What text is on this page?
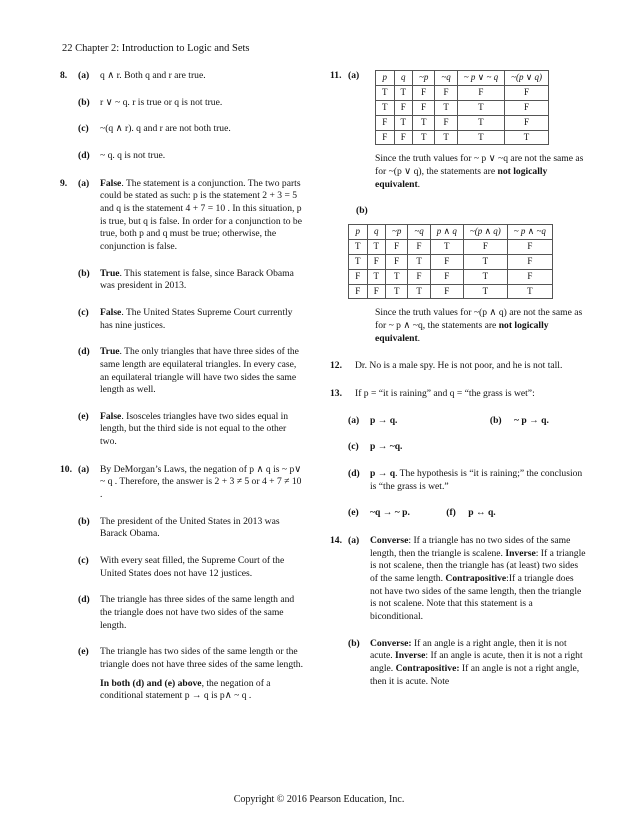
22 Chapter 2: Introduction to Logic and Sets
8. (a) q ∧ r. Both q and r are true.
(b) r ∨ ~ q. r is true or q is not true.
(c) ~(q ∧ r). q and r are not both true.
(d) ~ q. q is not true.
9. (a) False. The statement is a conjunction. The two parts could be stated as such: p is the statement 2 + 3 = 5 and q is the statement 4 + 7 = 10 . In this situation, p is true, but q is false. In order for a conjunction to be true, both p and q must be true; otherwise, the conjunction is false.
(b) True. This statement is false, since Barack Obama was president in 2013.
(c) False. The United States Supreme Court currently has nine justices.
(d) True. The only triangles that have three sides of the same length are equilateral triangles. In every case, an equilateral triangle will have two sides the same length as well.
(e) False. Isosceles triangles have two sides equal in length, but the third side is not equal to the other two.
10. (a) By DeMorgan’s Laws, the negation of p ∧ q is ~ p∨ ~ q . Therefore, the answer is 2 + 3 ≠ 5 or 4 + 7 ≠ 10 .
(b) The president of the United States in 2013 was Barack Obama.
(c) With every seat filled, the Supreme Court of the United States does not have 12 justices.
(d) The triangle has three sides of the same length and the triangle does not have two sides of the same length.
(e) The triangle has two sides of the same length or the triangle does not have three sides of the same length.
In both (d) and (e) above, the negation of a conditional statement p → q is p∧ ~ q .
11. (a)	p	q	~p	~q	~ p ∨ ~ q	~(p ∨ q)
T	T	F	F	F	F
T	F	F	T	T	F
F	T	T	F	T	F
F	F	T	T	T	T
Since the truth values for ~ p ∨ ~q are not the same as for ~(p ∨ q), the statements are not logically equivalent.
(b)
p	q	~p	~q	p ∧ q	~(p ∧ q)	~ p ∧ ~q
T	T	F	F	T	F	F
T	F	F	T	F	T	F
F	T	T	F	F	T	F
F	F	T	T	F	T	T
Since the truth values for ~(p ∧ q) are not the same as for ~ p ∧ ~q, the statements are not logically equivalent.
12.	Dr. No is a male spy. He is not poor, and he is not tall.
13.	If p = “it is raining” and q = “the grass is wet”:
(a) p → q.	(b) ~ p → q.
(c) p → ~q.
(d) p → q. The hypothesis is “it is raining;” the conclusion is “the grass is wet.”
(e) ~q → ~ p.	(f) p ↔ q.
14. (a) Converse: If a triangle has no two sides of the same length, then the triangle is scalene. Inverse: If a triangle is not scalene, then the triangle has (at least) two sides of the same length. Contrapositive:If a triangle does not have two sides of the same length, then the triangle is not scalene. Note that this statement is a biconditional.
(b) Converse: If an angle is a right angle, then it is not acute. Inverse: If an angle is acute, then it is not a right angle. Contrapositive: If an angle is not a right angle, then it is acute. Note
Copyright © 2016 Pearson Education, Inc.
